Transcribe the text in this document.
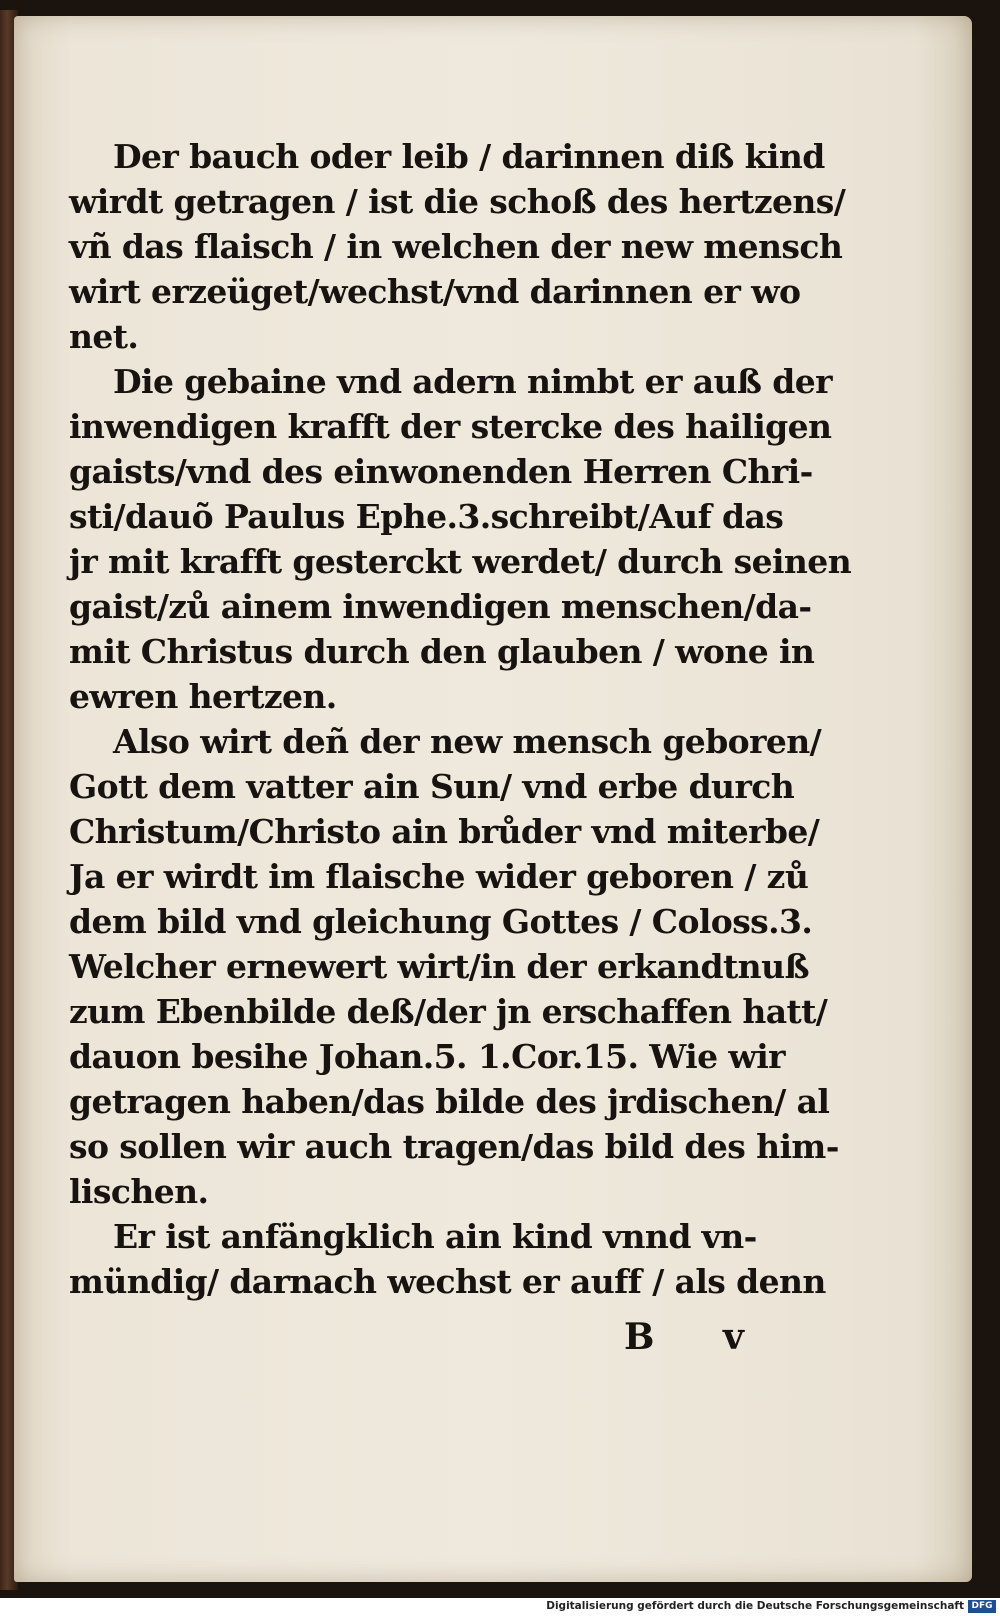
Der bauch oder leib / darinnen diß kind
wirdt getragen / ist die schoß des hertzens/
vñ das flaisch / in welchen der new mensch
wirt erzeüget/wechst/vnd darinnen er wo
net.
Die gebaine vnd adern nimbt er auß der
inwendigen krafft der stercke des hailigen
gaists/vnd des einwonenden Herren Chri-
sti/dauõ Paulus Ephe.3.schreibt/Auf das
jr mit krafft gesterckt werdet/ durch seinen
gaist/zů ainem inwendigen menschen/da-
mit Christus durch den glauben / wone in
ewren hertzen.
Also wirt deñ der new mensch geboren/
Gott dem vatter ain Sun/ vnd erbe durch
Christum/Christo ain brůder vnd miterbe/
Ja er wirdt im flaische wider geboren / zů
dem bild vnd gleichung Gottes / Coloss.3.
Welcher ernewert wirt/in der erkandtnuß
zum Ebenbilde deß/der jn erschaffen hatt/
dauon besihe Johan.5. 1.Cor.15. Wie wir
getragen haben/das bilde des jrdischen/ al
so sollen wir auch tragen/das bild des him-
lischen.
Er ist anfängklich ain kind vnnd vn-
mündig/ darnach wechst er auff / als denn
B v
Digitalisierung gefördert durch die Deutsche Forschungsgemeinschaft DFG
